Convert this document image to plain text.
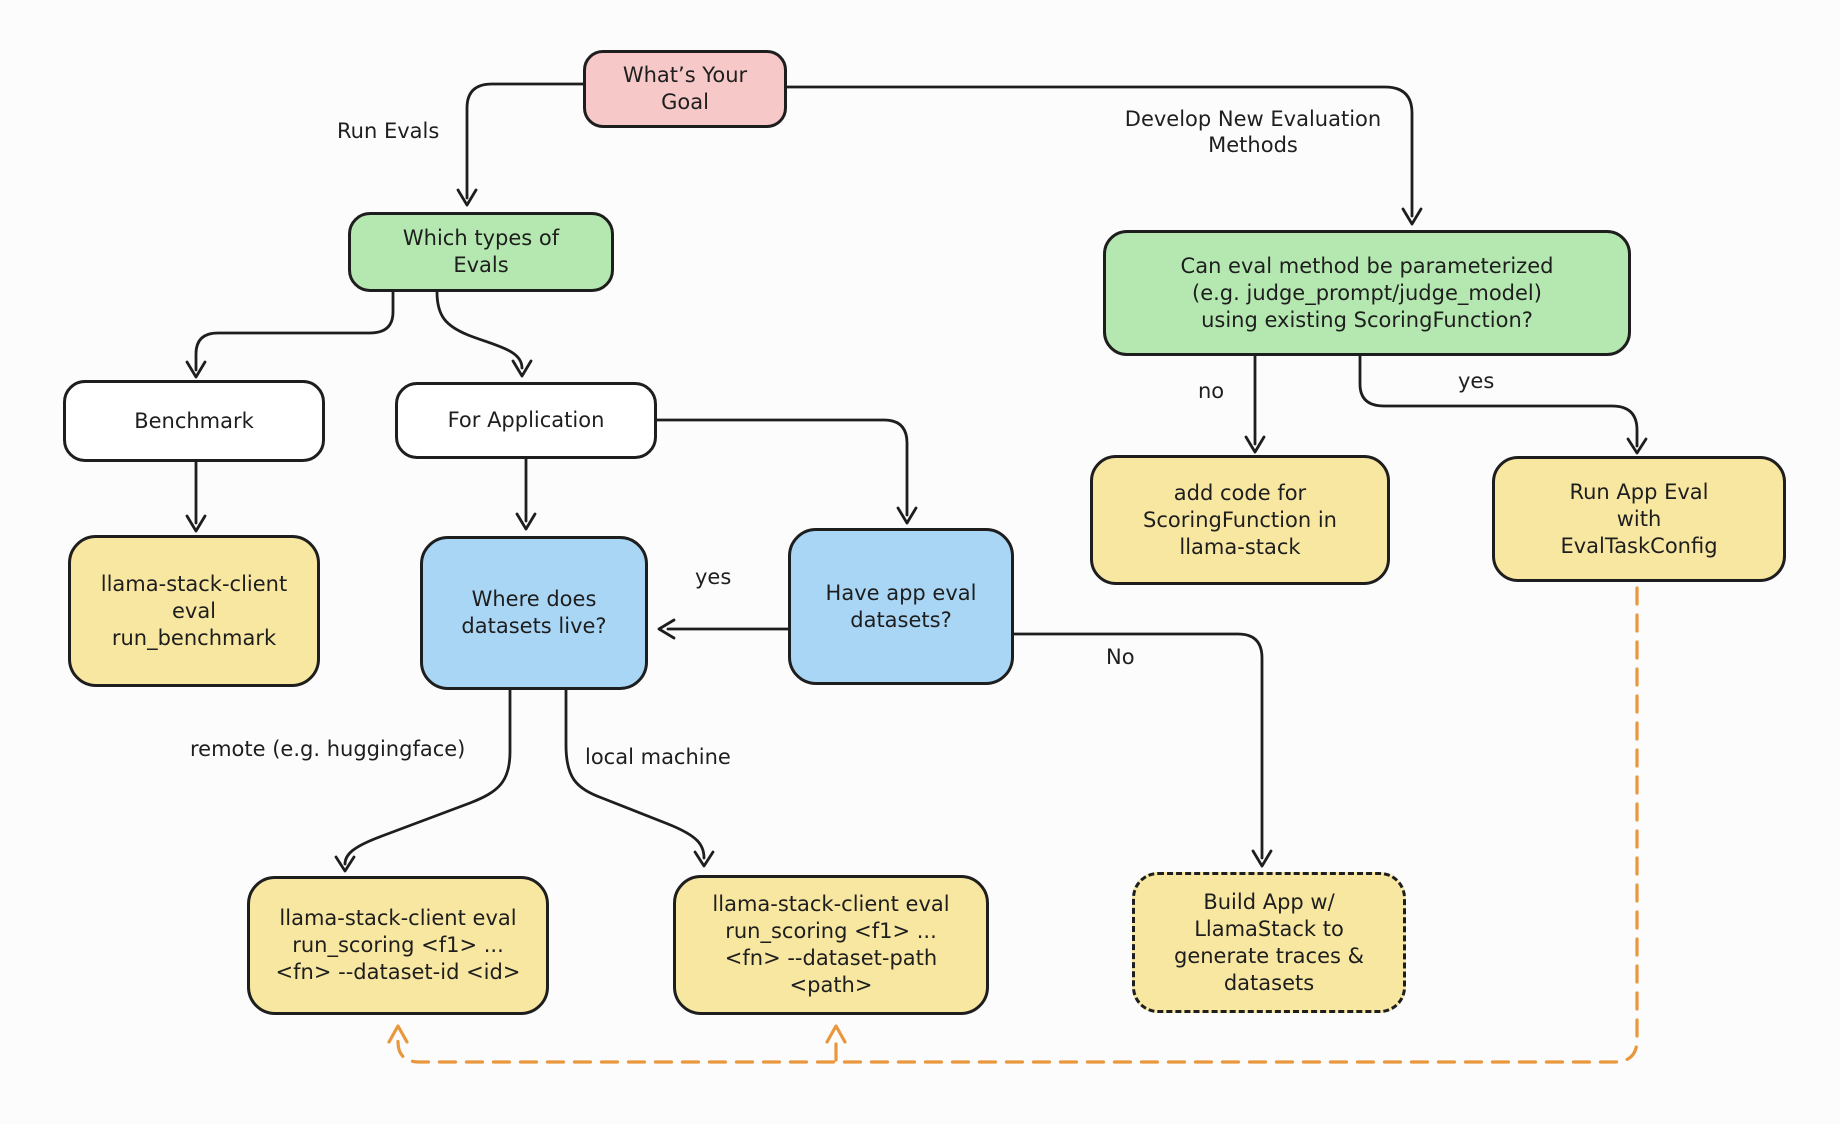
What’s Your Goal
Which types of Evals
Benchmark	For Application
llama-stack-client eval run_benchmark
Where does datasets live?
Have app eval datasets?
Can eval method be parameterized (e.g. judge_prompt/judge_model) using existing ScoringFunction?
add code for ScoringFunction in llama-stack
Run App Eval with EvalTaskConfig
llama-stack-client eval run_scoring <f1> ... <fn> --dataset-id <id>
llama-stack-client eval run_scoring <f1> ... <fn> --dataset-path <path>
Build App w/ LlamaStack to generate traces & datasets
Run Evals	Develop New Evaluation Methods
yes
No
remote (e.g. huggingface)	local machine
no	yes
